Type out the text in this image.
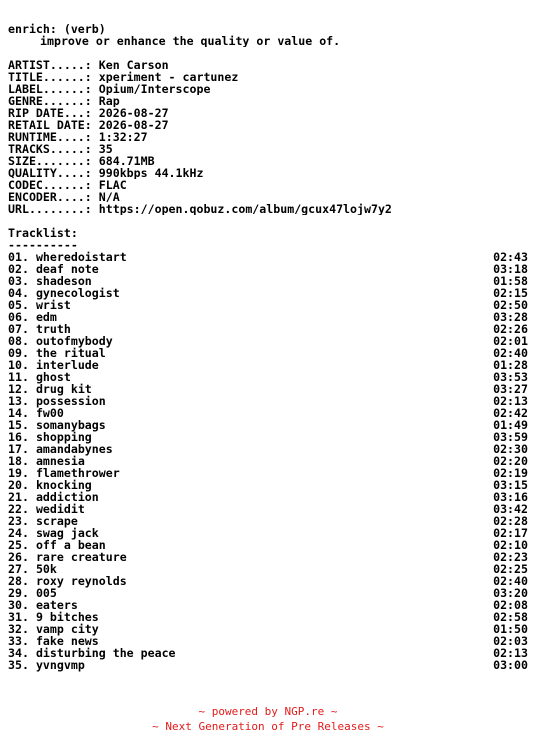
enrich: (verb)
improve or enhance the quality or value of.
ARTIST.....: Ken Carson
TITLE......: xperiment - cartunez
LABEL......: Opium/Interscope
GENRE......: Rap
RIP DATE...: 2026-08-27
RETAIL DATE: 2026-08-27
RUNTIME....: 1:32:27
TRACKS.....: 35
SIZE.......: 684.71MB
QUALITY....: 990kbps 44.1kHz
CODEC......: FLAC
ENCODER....: N/A
URL........: https://open.qobuz.com/album/gcux47lojw7y2
Tracklist:
----------
01. wheredoistart	02:43
02. deaf note	03:18
03. shadeson	01:58
04. gynecologist	02:15
05. wrist	02:50
06. edm	03:28
07. truth	02:26
08. outofmybody	02:01
09. the ritual	02:40
10. interlude	01:28
11. ghost	03:53
12. drug kit	03:27
13. possession	02:13
14. fw00	02:42
15. somanybags	01:49
16. shopping	03:59
17. amandabynes	02:30
18. amnesia	02:20
19. flamethrower	02:19
20. knocking	03:15
21. addiction	03:16
22. wedidit	03:42
23. scrape	02:28
24. swag jack	02:17
25. off a bean	02:10
26. rare creature	02:23
27. 50k	02:25
28. roxy reynolds	02:40
29. 005	03:20
30. eaters	02:08
31. 9 bitches	02:58
32. vamp city	01:50
33. fake news	02:03
34. disturbing the peace	02:13
35. yvngvmp	03:00
~ powered by NGP.re ~
~ Next Generation of Pre Releases ~
